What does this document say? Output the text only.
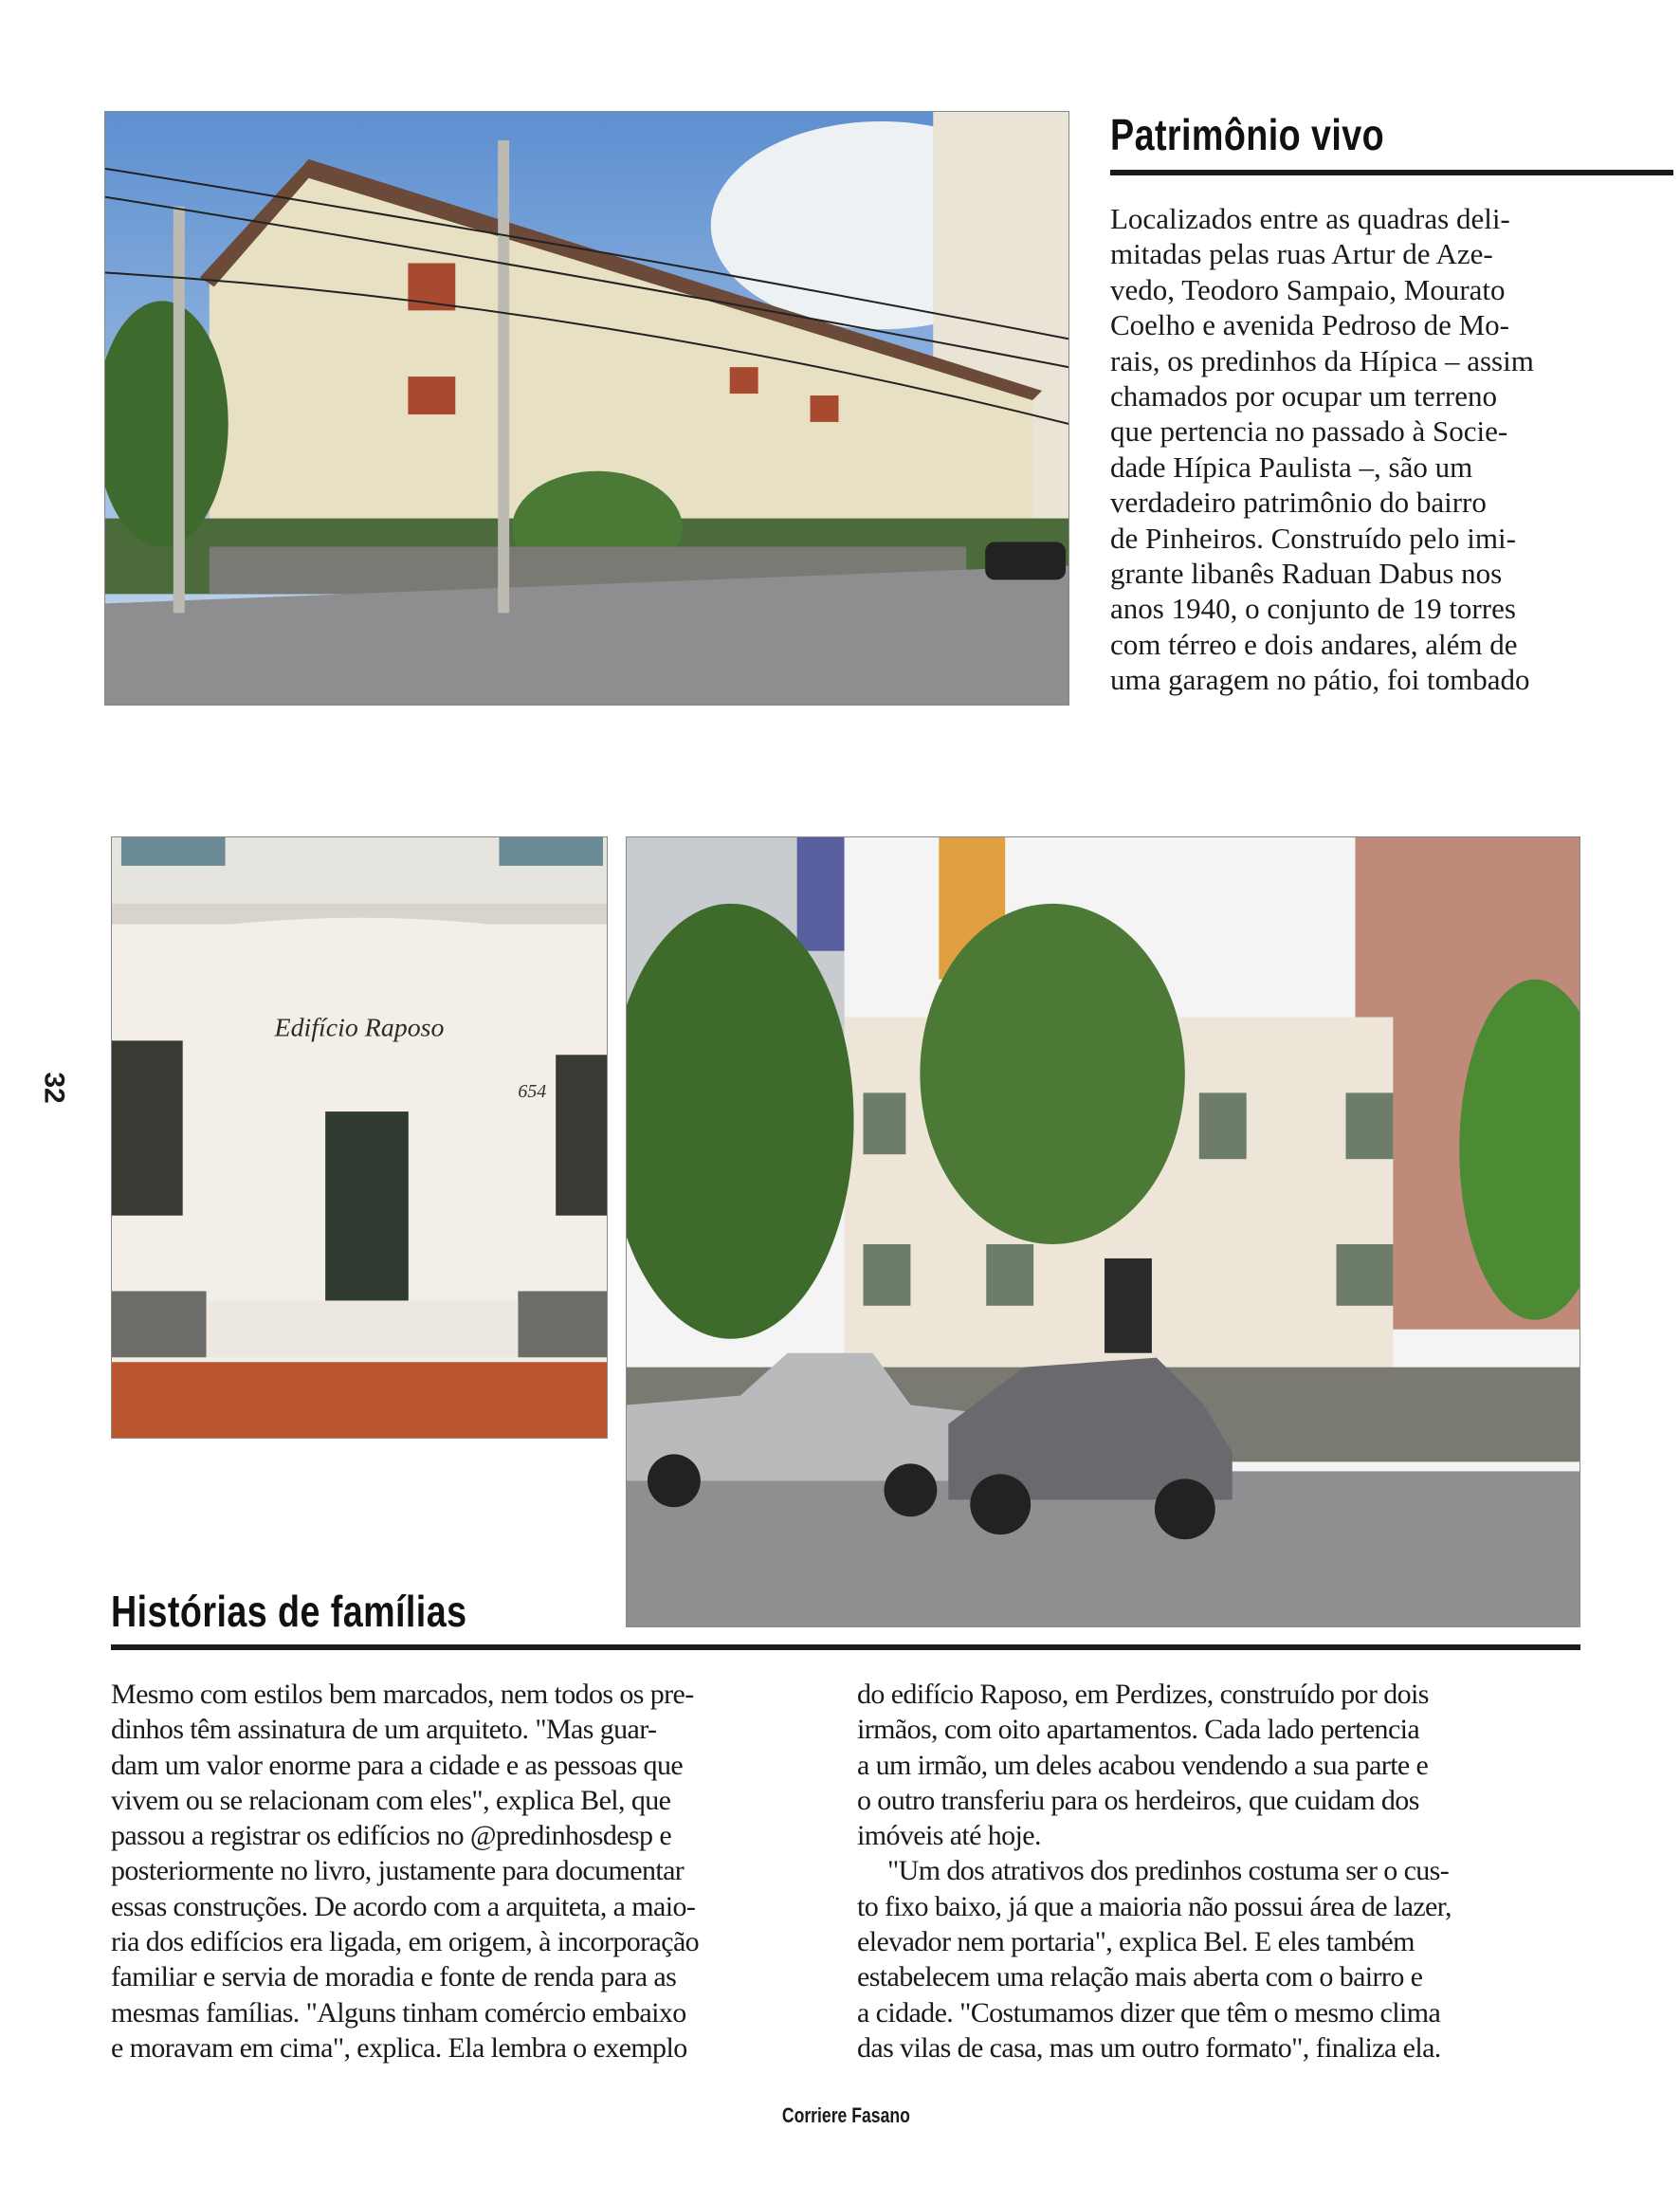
Patrimônio vivo
Localizados entre as quadras deli-
mitadas pelas ruas Artur de Aze-
vedo, Teodoro Sampaio, Mourato
Coelho e avenida Pedroso de Mo-
rais, os predinhos da Hípica – assim
chamados por ocupar um terreno
que pertencia no passado à Socie-
dade Hípica Paulista –, são um
verdadeiro patrimônio do bairro
de Pinheiros. Construído pelo imi-
grante libanês Raduan Dabus nos
anos 1940, o conjunto de 19 torres
com térreo e dois andares, além de
uma garagem no pátio, foi tombado
Edifício Raposo
654
32
Histórias de famílias
Mesmo com estilos bem marcados, nem todos os pre-
dinhos têm assinatura de um arquiteto. "Mas guar-
dam um valor enorme para a cidade e as pessoas que
vivem ou se relacionam com eles", explica Bel, que
passou a registrar os edifícios no @predinhosdesp e
posteriormente no livro, justamente para documentar
essas construções. De acordo com a arquiteta, a maio-
ria dos edifícios era ligada, em origem, à incorporação
familiar e servia de moradia e fonte de renda para as
mesmas famílias. "Alguns tinham comércio embaixo
e moravam em cima", explica. Ela lembra o exemplo
do edifício Raposo, em Perdizes, construído por dois
irmãos, com oito apartamentos. Cada lado pertencia
a um irmão, um deles acabou vendendo a sua parte e
o outro transferiu para os herdeiros, que cuidam dos
imóveis até hoje.
"Um dos atrativos dos predinhos costuma ser o cus-
to fixo baixo, já que a maioria não possui área de lazer,
elevador nem portaria", explica Bel. E eles também
estabelecem uma relação mais aberta com o bairro e
a cidade. "Costumamos dizer que têm o mesmo clima
das vilas de casa, mas um outro formato", finaliza ela.
Corriere Fasano
